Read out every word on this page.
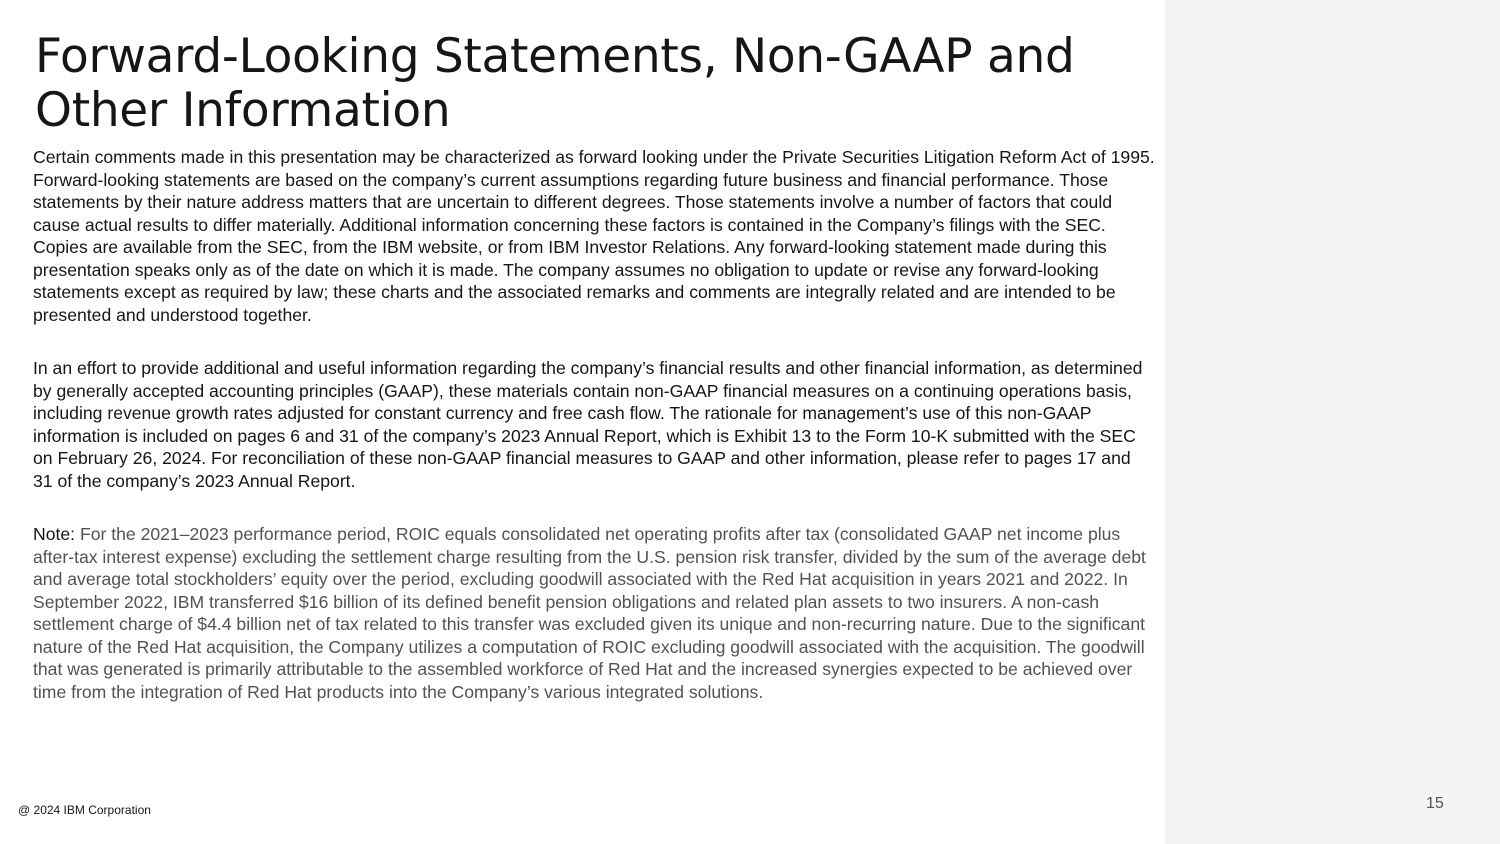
Forward-Looking Statements, Non-GAAP and
Other Information

Certain comments made in this presentation may be characterized as forward looking under the Private Securities Litigation Reform Act of 1995. Forward-looking statements are based on the company’s current assumptions regarding future business and financial performance. Those statements by their nature address matters that are uncertain to different degrees. Those statements involve a number of factors that could cause actual results to differ materially. Additional information concerning these factors is contained in the Company’s filings with the SEC. Copies are available from the SEC, from the IBM website, or from IBM Investor Relations. Any forward-looking statement made during this presentation speaks only as of the date on which it is made. The company assumes no obligation to update or revise any forward-looking statements except as required by law; these charts and the associated remarks and comments are integrally related and are intended to be presented and understood together.

In an effort to provide additional and useful information regarding the company’s financial results and other financial information, as determined by generally accepted accounting principles (GAAP), these materials contain non-GAAP financial measures on a continuing operations basis, including revenue growth rates adjusted for constant currency and free cash flow. The rationale for management’s use of this non-GAAP information is included on pages 6 and 31 of the company’s 2023 Annual Report, which is Exhibit 13 to the Form 10-K submitted with the SEC on February 26, 2024. For reconciliation of these non-GAAP financial measures to GAAP and other information, please refer to pages 17 and 31 of the company’s 2023 Annual Report.

Note: For the 2021–2023 performance period, ROIC equals consolidated net operating profits after tax (consolidated GAAP net income plus after-tax interest expense) excluding the settlement charge resulting from the U.S. pension risk transfer, divided by the sum of the average debt and average total stockholders’ equity over the period, excluding goodwill associated with the Red Hat acquisition in years 2021 and 2022. In September 2022, IBM transferred $16 billion of its defined benefit pension obligations and related plan assets to two insurers. A non-cash settlement charge of $4.4 billion net of tax related to this transfer was excluded given its unique and non-recurring nature. Due to the significant nature of the Red Hat acquisition, the Company utilizes a computation of ROIC excluding goodwill associated with the acquisition. The goodwill that was generated is primarily attributable to the assembled workforce of Red Hat and the increased synergies expected to be achieved over time from the integration of Red Hat products into the Company’s various integrated solutions.

@ 2024 IBM Corporation	15
